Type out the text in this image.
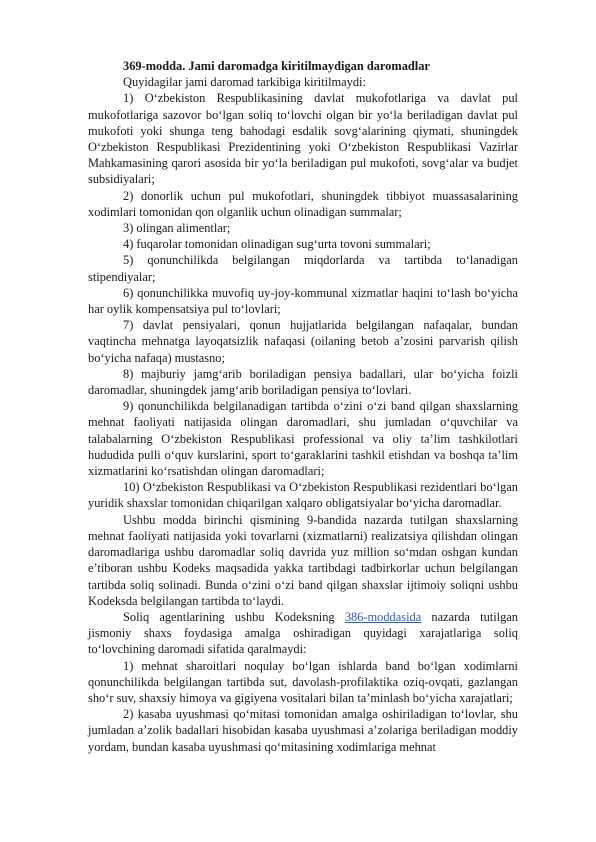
369-modda. Jami daromadga kiritilmaydigan daromadlar

Quyidagilar jami daromad tarkibiga kiritilmaydi:

1) O‘zbekiston Respublikasining davlat mukofotlariga va davlat pul mukofotlariga sazovor bo‘lgan soliq to‘lovchi olgan bir yo‘la beriladigan davlat pul mukofoti yoki shunga teng bahodagi esdalik sovg‘alarining qiymati, shuningdek O‘zbekiston Respublikasi Prezidentining yoki O‘zbekiston Respublikasi Vazirlar Mahkamasining qarori asosida bir yo‘la beriladigan pul mukofoti, sovg‘alar va budjet subsidiyalari;

2) donorlik uchun pul mukofotlari, shuningdek tibbiyot muassasalarining xodimlari tomonidan qon olganlik uchun olinadigan summalar;

3) olingan alimentlar;

4) fuqarolar tomonidan olinadigan sug‘urta tovoni summalari;

5) qonunchilikda belgilangan miqdorlarda va tartibda to‘lanadigan stipendiyalar;

6) qonunchilikka muvofiq uy-joy-kommunal xizmatlar haqini to‘lash bo‘yicha har oylik kompensatsiya pul to‘lovlari;

7) davlat pensiyalari, qonun hujjatlarida belgilangan nafaqalar, bundan vaqtincha mehnatga layoqatsizlik nafaqasi (oilaning betob a’zosini parvarish qilish bo‘yicha nafaqa) mustasno;

8) majburiy jamg‘arib boriladigan pensiya badallari, ular bo‘yicha foizli daromadlar, shuningdek jamg‘arib boriladigan pensiya to‘lovlari.

9) qonunchilikda belgilanadigan tartibda o‘zini o‘zi band qilgan shaxslarning mehnat faoliyati natijasida olingan daromadlari, shu jumladan o‘quvchilar va talabalarning O‘zbekiston Respublikasi professional va oliy ta’lim tashkilotlari hududida pulli o‘quv kurslarini, sport to‘garaklarini tashkil etishdan va boshqa ta’lim xizmatlarini ko‘rsatishdan olingan daromadlari;

10) O‘zbekiston Respublikasi va O‘zbekiston Respublikasi rezidentlari bo‘lgan yuridik shaxslar tomonidan chiqarilgan xalqaro obligatsiyalar bo‘yicha daromadlar.

Ushbu modda birinchi qismining 9-bandida nazarda tutilgan shaxslarning mehnat faoliyati natijasida yoki tovarlarni (xizmatlarni) realizatsiya qilishdan olingan daromadlariga ushbu daromadlar soliq davrida yuz million so‘mdan oshgan kundan e’tiboran ushbu Kodeks maqsadida yakka tartibdagi tadbirkorlar uchun belgilangan tartibda soliq solinadi. Bunda o‘zini o‘zi band qilgan shaxslar ijtimoiy soliqni ushbu Kodeksda belgilangan tartibda to‘laydi.

Soliq agentlarining ushbu Kodeksning 386-moddasida nazarda tutilgan jismoniy shaxs foydasiga amalga oshiradigan quyidagi xarajatlariga soliq to‘lovchining daromadi sifatida qaralmaydi:

1) mehnat sharoitlari noqulay bo‘lgan ishlarda band bo‘lgan xodimlarni qonunchilikda belgilangan tartibda sut, davolash-profilaktika oziq-ovqati, gazlangan sho‘r suv, shaxsiy himoya va gigiyena vositalari bilan ta’minlash bo‘yicha xarajatlari;

2) kasaba uyushmasi qo‘mitasi tomonidan amalga oshiriladigan to‘lovlar, shu jumladan a’zolik badallari hisobidan kasaba uyushmasi a’zolariga beriladigan moddiy yordam, bundan kasaba uyushmasi qo‘mitasining xodimlariga mehnat
